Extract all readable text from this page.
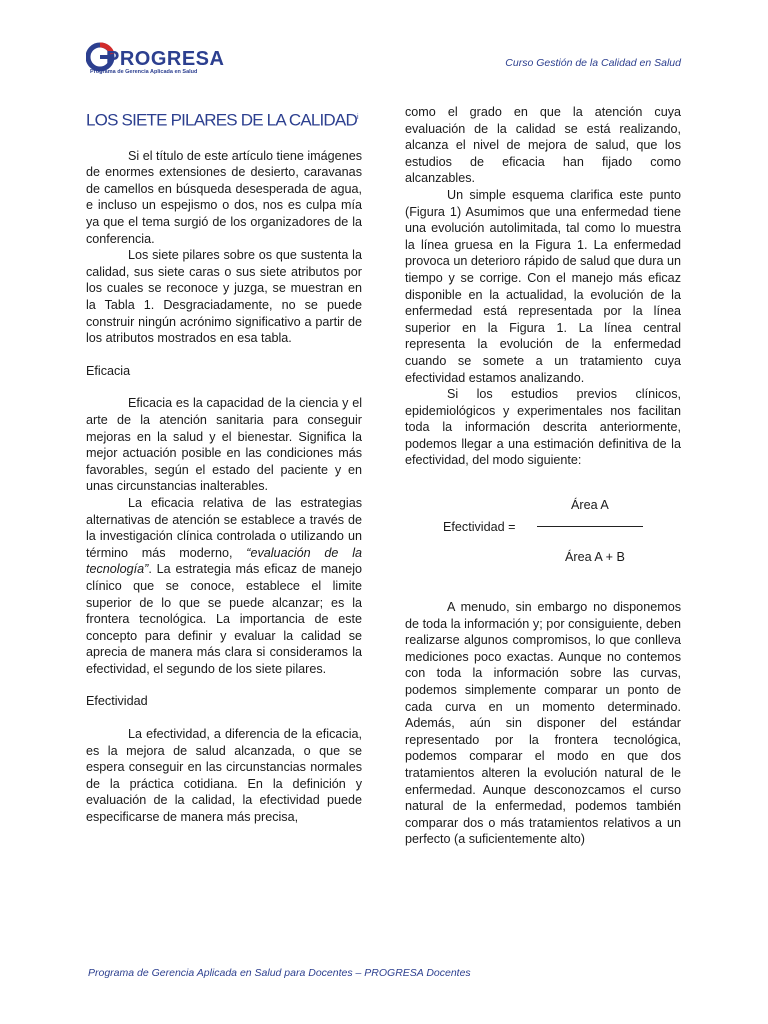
PROGRESA
Programa de Gerencia Aplicada en Salud
Curso Gestión de la Calidad en Salud
LOS SIETE PILARES DE LA CALIDAD$^i$

Si el título de este artículo tiene imágenes de enormes extensiones de desierto, caravanas de camellos en búsqueda desesperada de agua, e incluso un espejismo o dos, nos es culpa mía ya que el tema surgió de los organizadores de la conferencia.

Los siete pilares sobre os que sustenta la calidad, sus siete caras o sus siete atributos por los cuales se reconoce y juzga, se muestran en la Tabla 1. Desgraciadamente, no se puede construir ningún acrónimo significativo a partir de los atributos mostrados en esa tabla.

Eficacia

Eficacia es la capacidad de la ciencia y el arte de la atención sanitaria para conseguir mejoras en la salud y el bienestar. Significa la mejor actuación posible en las condiciones más favorables, según el estado del paciente y en unas circunstancias inalterables.

La eficacia relativa de las estrategias alternativas de atención se establece a través de la investigación clínica controlada o utilizando un término más moderno, “evaluación de la tecnología”. La estrategia más eficaz de manejo clínico que se conoce, establece el limite superior de lo que se puede alcanzar; es la frontera tecnológica. La importancia de este concepto para definir y evaluar la calidad se aprecia de manera más clara si consideramos la efectividad, el segundo de los siete pilares.

Efectividad

La efectividad, a diferencia de la eficacia, es la mejora de salud alcanzada, o que se espera conseguir en las circunstancias normales de la práctica cotidiana. En la definición y evaluación de la calidad, la efectividad puede especificarse de manera más precisa,

como el grado en que la atención cuya evaluación de la calidad se está realizando, alcanza el nivel de mejora de salud, que los estudios de eficacia han fijado como alcanzables.

Un simple esquema clarifica este punto (Figura 1) Asumimos que una enfermedad tiene una evolución autolimitada, tal como lo muestra la línea gruesa en la Figura 1. La enfermedad provoca un deterioro rápido de salud que dura un tiempo y se corrige. Con el manejo más eficaz disponible en la actualidad, la evolución de la enfermedad está representada por la línea superior en la Figura 1. La línea central representa la evolución de la enfermedad cuando se somete a un tratamiento cuya efectividad estamos analizando.

Si los estudios previos clínicos, epidemiológicos y experimentales nos facilitan toda la información descrita anteriormente, podemos llegar a una estimación definitiva de la efectividad, del modo siguiente:

Efectividad =
Área A
Área A + B

A menudo, sin embargo no disponemos de toda la información y; por consiguiente, deben realizarse algunos compromisos, lo que conlleva mediciones poco exactas. Aunque no contemos con toda la información sobre las curvas, podemos simplemente comparar un ponto de cada curva en un momento determinado. Además, aún sin disponer del estándar representado por la frontera tecnológica, podemos comparar el modo en que dos tratamientos alteren la evolución natural de le enfermedad. Aunque desconozcamos el curso natural de la enfermedad, podemos también comparar dos o más tratamientos relativos a un perfecto (a suficientemente alto)

Programa de Gerencia Aplicada en Salud para Docentes – PROGRESA Docentes
